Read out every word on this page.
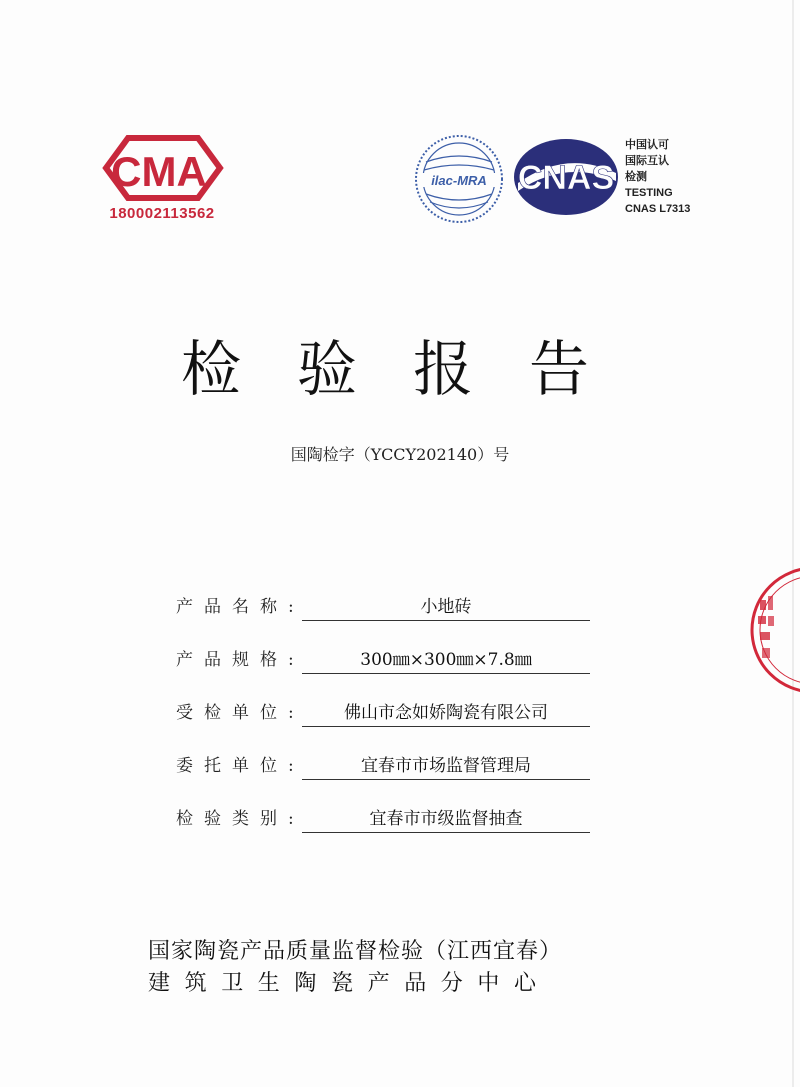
CMA
18000211356​2
ilac-MRA CNAS
中国认可
国际互认
检测
TESTING
CNAS L7313
检验报告
国陶检字（YCCY202140）号
产品名称:	小地砖
产品规格:	300㎜×300㎜×7.8㎜
受检单位:	佛山市念如娇陶瓷有限公司
委托单位:	宜春市市场监督管理局
检验类别:	宜春市市级监督抽查
国家陶瓷产品质量监督检验（江西宜春）
建筑卫生陶瓷产品分中心
